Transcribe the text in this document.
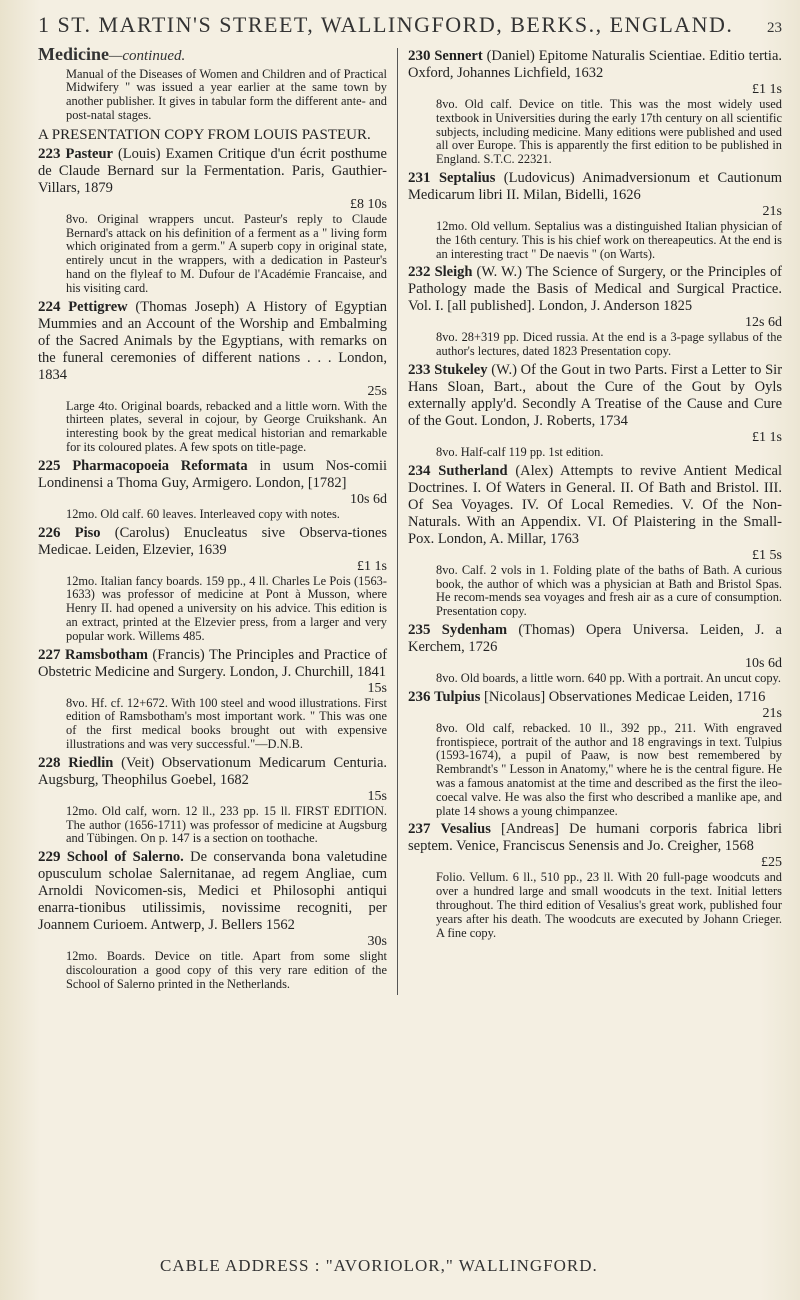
1 ST. MARTIN'S STREET, WALLINGFORD, BERKS., ENGLAND. 23
Medicine—continued.
Manual of the Diseases of Women and Children and of Practical Midwifery " was issued a year earlier at the same town by another publisher. It gives in tabular form the different ante- and post-natal stages.
A PRESENTATION COPY FROM LOUIS PASTEUR.
223 Pasteur (Louis) Examen Critique d'un écrit posthume de Claude Bernard sur la Fermentation. Paris, Gauthier-Villars, 1879
£8 10s
8vo. Original wrappers uncut. Pasteur's reply to Claude Bernard's attack on his definition of a ferment as a " living form which originated from a germ." A superb copy in original state, entirely uncut in the wrappers, with a dedication in Pasteur's hand on the flyleaf to M. Dufour de l'Académie Francaise, and his visiting card.
224 Pettigrew (Thomas Joseph) A History of Egyptian Mummies and an Account of the Worship and Embalming of the Sacred Animals by the Egyptians, with remarks on the funeral ceremonies of different nations . . . London, 1834
25s
Large 4to. Original boards, rebacked and a little worn. With the thirteen plates, several in cojour, by George Cruikshank. An interesting book by the great medical historian and remarkable for its coloured plates. A few spots on title-page.
225 Pharmacopoeia Reformata in usum Nos-comii Londinensi a Thoma Guy, Armigero. London, [1782]
10s 6d
12mo. Old calf. 60 leaves. Interleaved copy with notes.
226 Piso (Carolus) Enucleatus sive Observa-tiones Medicae. Leiden, Elzevier, 1639
£1 1s
12mo. Italian fancy boards. 159 pp., 4 ll. Charles Le Pois (1563-1633) was professor of medicine at Pont à Musson, where Henry II. had opened a university on his advice. This edition is an extract, printed at the Elzevier press, from a larger and very popular work. Willems 485.
227 Ramsbotham (Francis) The Principles and Practice of Obstetric Medicine and Surgery. London, J. Churchill, 1841
15s
8vo. Hf. cf. 12+672. With 100 steel and wood illustrations. First edition of Ramsbotham's most important work. " This was one of the first medical books brought out with expensive illustrations and was very successful."—D.N.B.
228 Riedlin (Veit) Observationum Medicarum Centuria. Augsburg, Theophilus Goebel, 1682
15s
12mo. Old calf, worn. 12 ll., 233 pp. 15 ll. FIRST EDITION. The author (1656-1711) was professor of medicine at Augsburg and Tübingen. On p. 147 is a section on toothache.
229 School of Salerno. De conservanda bona valetudine opusculum scholae Salernitanae, ad regem Angliae, cum Arnoldi Novicomen-sis, Medici et Philosophi antiqui enarra-tionibus utilissimis, novissime recogniti, per Joannem Curioem. Antwerp, J. Bellers 1562
30s
12mo. Boards. Device on title. Apart from some slight discolouration a good copy of this very rare edition of the School of Salerno printed in the Netherlands.
230 Sennert (Daniel) Epitome Naturalis Scientiae. Editio tertia. Oxford, Johannes Lichfield, 1632
£1 1s
8vo. Old calf. Device on title. This was the most widely used textbook in Universities during the early 17th century on all scientific subjects, including medicine. Many editions were published and used all over Europe. This is apparently the first edition to be published in England. S.T.C. 22321.
231 Septalius (Ludovicus) Animadversionum et Cautionum Medicarum libri II. Milan, Bidelli, 1626
21s
12mo. Old vellum. Septalius was a distinguished Italian physician of the 16th century. This is his chief work on thereapeutics. At the end is an interesting tract " De naevis " (on Warts).
232 Sleigh (W. W.) The Science of Surgery, or the Principles of Pathology made the Basis of Medical and Surgical Practice. Vol. I. [all published]. London, J. Anderson 1825
12s 6d
8vo. 28+319 pp. Diced russia. At the end is a 3-page syllabus of the author's lectures, dated 1823 Presentation copy.
233 Stukeley (W.) Of the Gout in two Parts. First a Letter to Sir Hans Sloan, Bart., about the Cure of the Gout by Oyls externally apply'd. Secondly A Treatise of the Cause and Cure of the Gout. London, J. Roberts, 1734
£1 1s
8vo. Half-calf 119 pp. 1st edition.
234 Sutherland (Alex) Attempts to revive Antient Medical Doctrines. I. Of Waters in General. II. Of Bath and Bristol. III. Of Sea Voyages. IV. Of Local Remedies. V. Of the Non-Naturals. With an Appendix. VI. Of Plaistering in the Small-Pox. London, A. Millar, 1763
£1 5s
8vo. Calf. 2 vols in 1. Folding plate of the baths of Bath. A curious book, the author of which was a physician at Bath and Bristol Spas. He recom-mends sea voyages and fresh air as a cure of consumption. Presentation copy.
235 Sydenham (Thomas) Opera Universa. Leiden, J. a Kerchem, 1726
10s 6d
8vo. Old boards, a little worn. 640 pp. With a portrait. An uncut copy.
236 Tulpius [Nicolaus] Observationes Medicae Leiden, 1716
21s
8vo. Old calf, rebacked. 10 ll., 392 pp., 211. With engraved frontispiece, portrait of the author and 18 engravings in text. Tulpius (1593-1674), a pupil of Paaw, is now best remembered by Rembrandt's " Lesson in Anatomy," where he is the central figure. He was a famous anatomist at the time and described as the first the ileo-coecal valve. He was also the first who described a manlike ape, and plate 14 shows a young chimpanzee.
237 Vesalius [Andreas] De humani corporis fabrica libri septem. Venice, Franciscus Senensis and Jo. Creigher, 1568
£25
Folio. Vellum. 6 ll., 510 pp., 23 ll. With 20 full-page woodcuts and over a hundred large and small woodcuts in the text. Initial letters throughout. The third edition of Vesalius's great work, published four years after his death. The woodcuts are executed by Johann Crieger. A fine copy.
CABLE ADDRESS : "AVORIOLOR," WALLINGFORD.
